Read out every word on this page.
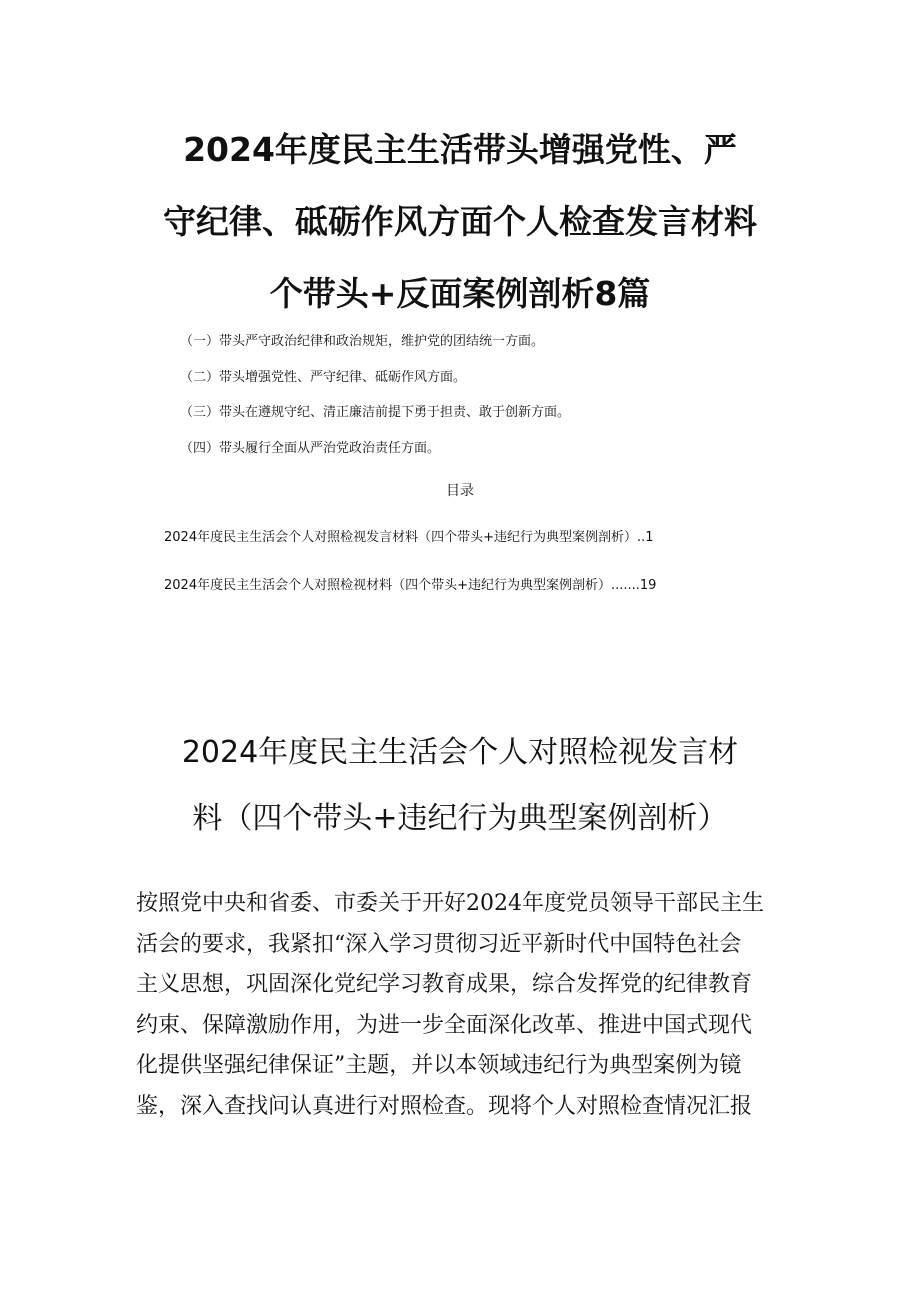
2024年度民主生活带头增强党性、严
守纪律、砥砺作风方面个人检查发言材料
个带头+反面案例剖析8篇
（一）带头严守政治纪律和政治规矩，维护党的团结统一方面。
（二）带头增强党性、严守纪律、砥砺作风方面。
（三）带头在遵规守纪、清正廉洁前提下勇于担责、敢于创新方面。
（四）带头履行全面从严治党政治责任方面。

目录

2024年度民主生活会个人对照检视发言材料（四个带头+违纪行为典型案例剖析）..1
2024年度民主生活会个人对照检视材料（四个带头+违纪行为典型案例剖析）.......19
2024年度民主生活会个人对照检视发言材
料（四个带头+违纪行为典型案例剖析）

按照党中央和省委、市委关于开好2024年度党员领导干部民主生
活会的要求，我紧扣“深入学习贯彻习近平新时代中国特色社会
主义思想，巩固深化党纪学习教育成果，综合发挥党的纪律教育
约束、保障激励作用，为进一步全面深化改革、推进中国式现代
化提供坚强纪律保证”主题，并以本领域违纪行为典型案例为镜
鉴，深入查找问认真进行对照检查。现将个人对照检查情况汇报
